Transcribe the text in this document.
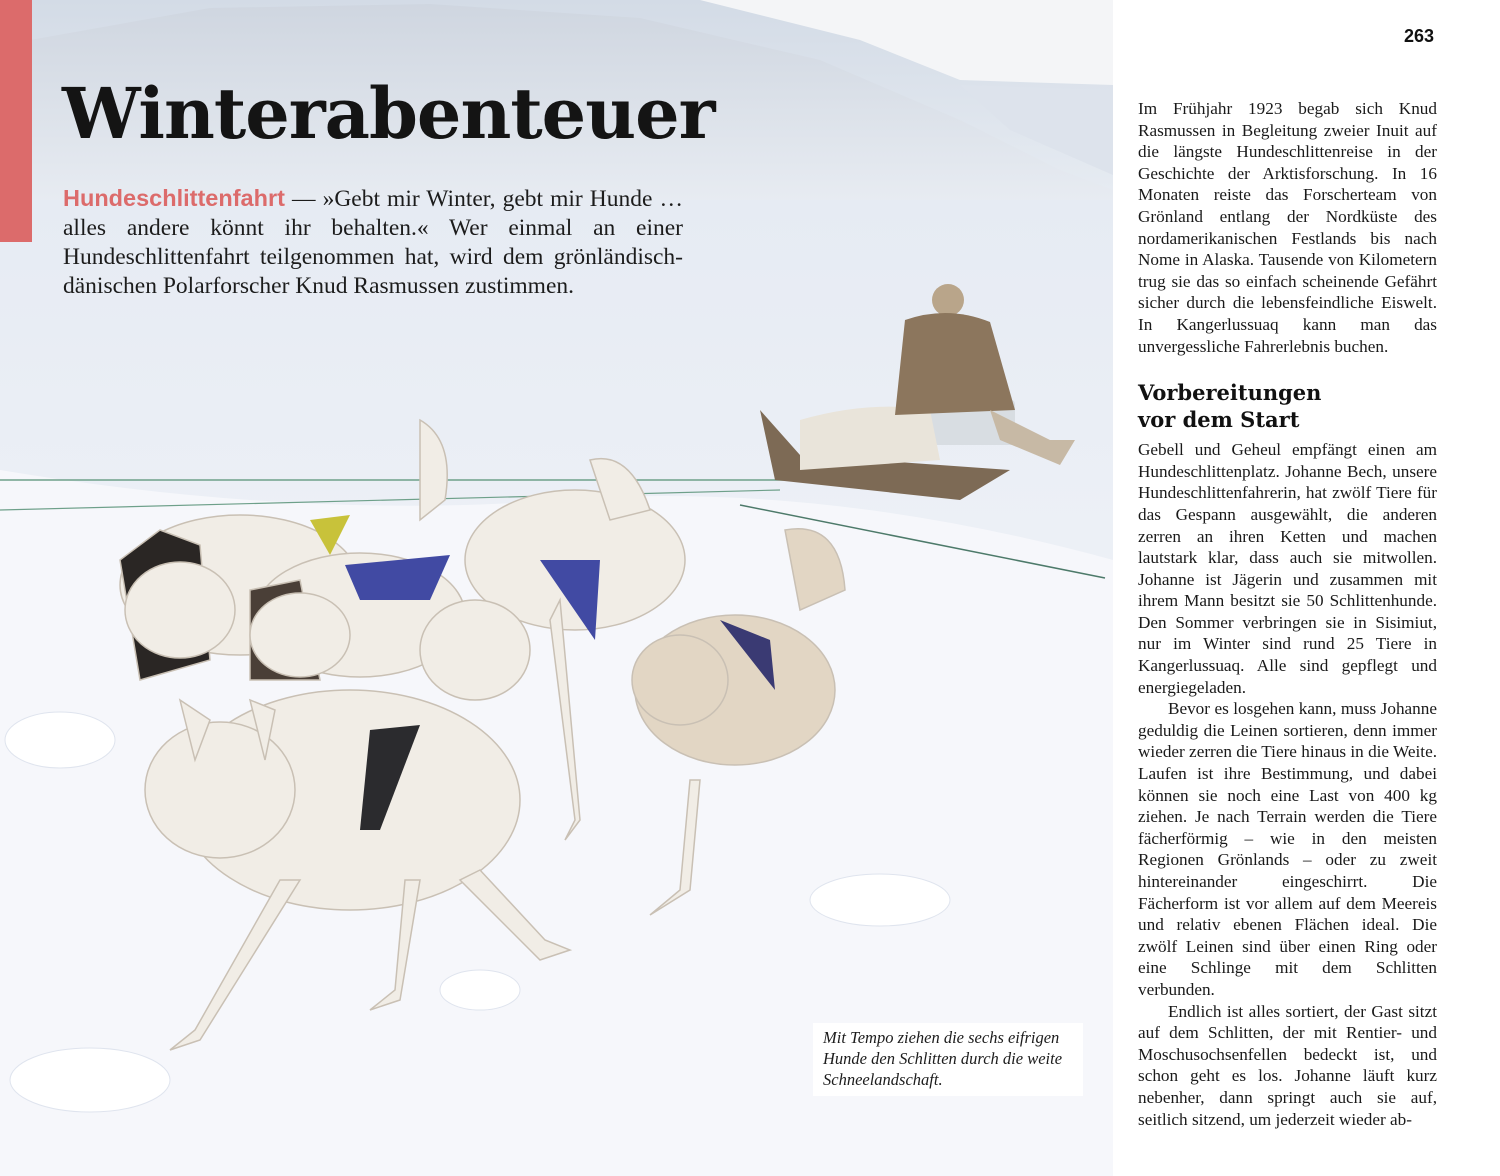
Winterabenteuer

Hundeschlittenfahrt — »Gebt mir Winter, gebt mir Hunde … alles andere könnt ihr behalten.« Wer einmal an einer Hundeschlittenfahrt teilgenommen hat, wird dem grönländisch-dänischen Polarforscher Knud Rasmussen zustimmen.

Mit Tempo ziehen die sechs eifrigen Hunde den Schlitten durch die weite Schneelandschaft.
263

Im Frühjahr 1923 begab sich Knud Rasmussen in Begleitung zweier Inuit auf die längste Hundeschlittenreise in der Geschichte der Arktisforschung. In 16 Monaten reiste das Forscherteam von Grönland entlang der Nordküste des nordamerikanischen Festlands bis nach Nome in Alaska. Tausende von Kilometern trug sie das so einfach scheinende Gefährt sicher durch die lebensfeindliche Eiswelt. In Kangerlussuaq kann man das unvergessliche Fahrerlebnis buchen.

Vorbereitungen
vor dem Start

Gebell und Geheul empfängt einen am Hundeschlittenplatz. Johanne Bech, unsere Hundeschlittenfahrerin, hat zwölf Tiere für das Gespann ausgewählt, die anderen zerren an ihren Ketten und machen lautstark klar, dass auch sie mitwollen. Johanne ist Jägerin und zusammen mit ihrem Mann besitzt sie 50 Schlittenhunde. Den Sommer verbringen sie in Sisimiut, nur im Winter sind rund 25 Tiere in Kangerlussuaq. Alle sind gepflegt und energiegeladen.

Bevor es losgehen kann, muss Johanne geduldig die Leinen sortieren, denn immer wieder zerren die Tiere hinaus in die Weite. Laufen ist ihre Bestimmung, und dabei können sie noch eine Last von 400 kg ziehen. Je nach Terrain werden die Tiere fächerförmig – wie in den meisten Regionen Grönlands – oder zu zweit hintereinander eingeschirrt. Die Fächerform ist vor allem auf dem Meereis und relativ ebenen Flächen ideal. Die zwölf Leinen sind über einen Ring oder eine Schlinge mit dem Schlitten verbunden.

Endlich ist alles sortiert, der Gast sitzt auf dem Schlitten, der mit Rentier- und Moschusochsenfellen bedeckt ist, und schon geht es los. Johanne läuft kurz nebenher, dann springt auch sie auf, seitlich sitzend, um jederzeit wieder ab-
